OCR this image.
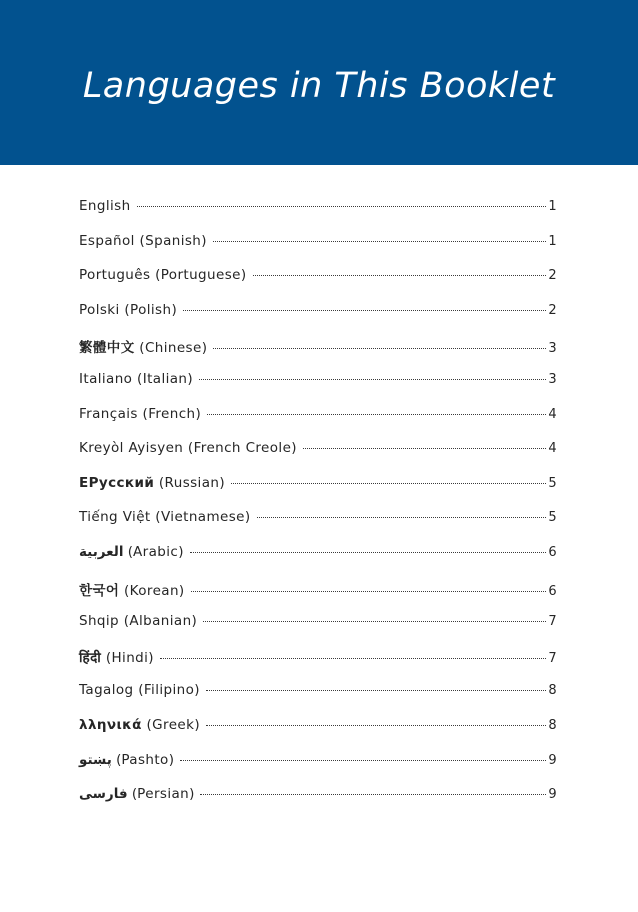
Languages in This Booklet
English	1
Español (Spanish)	1
Português (Portuguese)	2
Polski (Polish)	2
繁體中文 (Chinese)	3
Italiano (Italian)	3
Français (French)	4
Kreyòl Ayisyen (French Creole)	4
ЕРусский (Russian)	5
Tiếng Việt (Vietnamese)	5
العربية (Arabic)	6
한국어 (Korean)	6
Shqip (Albanian)	7
हिंदी (Hindi)	7
Tagalog (Filipino)	8
λληνικά (Greek)	8
پښتو (Pashto)	9
فارسی (Persian)	9
